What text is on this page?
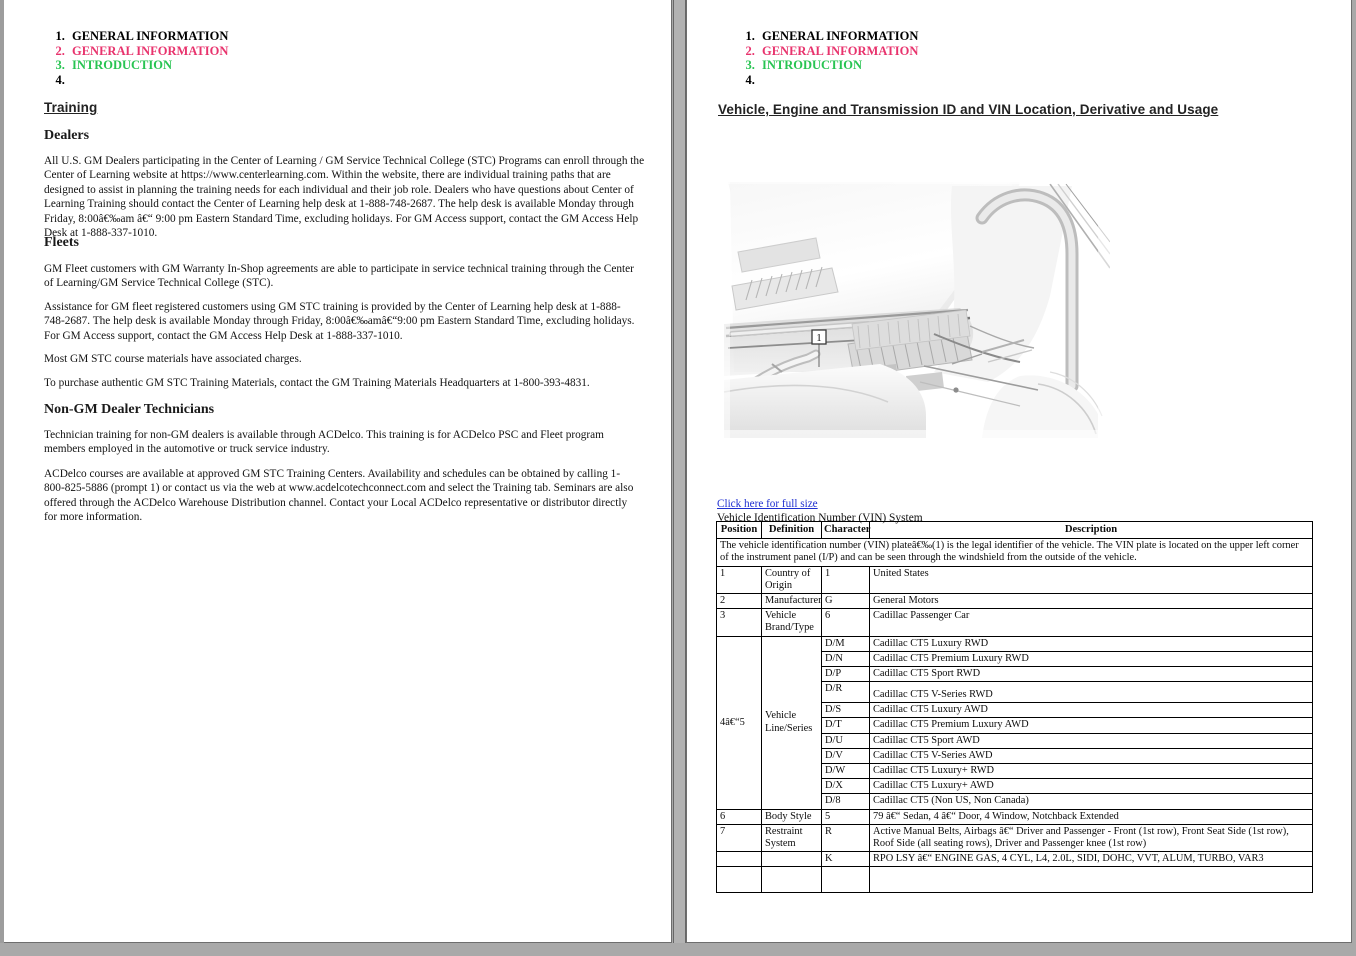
1. GENERAL INFORMATION
2. GENERAL INFORMATION
3. INTRODUCTION
4.
Training
Dealers

All U.S. GM Dealers participating in the Center of Learning / GM Service Technical College (STC) Programs can enroll through the Center of Learning website at https://www.centerlearning.com. Within the website, there are individual training paths that are designed to assist in planning the training needs for each individual and their job role. Dealers who have questions about Center of Learning Training should contact the Center of Learning help desk at 1-888-748-2687. The help desk is available Monday through Friday, 8:00â€‰am â€“ 9:00 pm Eastern Standard Time, excluding holidays. For GM Access support, contact the GM Access Help Desk at 1-888-337-1010.

Fleets

GM Fleet customers with GM Warranty In-Shop agreements are able to participate in service technical training through the Center of Learning/GM Service Technical College (STC).

Assistance for GM fleet registered customers using GM STC training is provided by the Center of Learning help desk at 1-888-748-2687. The help desk is available Monday through Friday, 8:00â€‰amâ€“9:00 pm Eastern Standard Time, excluding holidays. For GM Access support, contact the GM Access Help Desk at 1-888-337-1010.

Most GM STC course materials have associated charges.

To purchase authentic GM STC Training Materials, contact the GM Training Materials Headquarters at 1-800-393-4831.

Non-GM Dealer Technicians

Technician training for non-GM dealers is available through ACDelco. This training is for ACDelco PSC and Fleet program members employed in the automotive or truck service industry.

ACDelco courses are available at approved GM STC Training Centers. Availability and schedules can be obtained by calling 1-800-825-5886 (prompt 1) or contact us via the web at www.acdelcotechconnect.com and select the Training tab. Seminars are also offered through the ACDelco Warehouse Distribution channel. Contact your Local ACDelco representative or distributor directly for more information.

1. GENERAL INFORMATION
2. GENERAL INFORMATION
3. INTRODUCTION
4.
Vehicle, Engine and Transmission ID and VIN Location, Derivative and Usage
1
Click here for full size
Vehicle Identification Number (VIN) System
Position	Definition	Character	Description
The vehicle identification number (VIN) plateâ€‰(1) is the legal identifier of the vehicle. The VIN plate is located on the upper left corner of the instrument panel (I/P) and can be seen through the windshield from the outside of the vehicle.			
1	Country of Origin	1	United States
2	Manufacturer	G	General Motors
3	Vehicle Brand/Type	6	Cadillac Passenger Car
4â€“5	Vehicle Line/Series	D/M	Cadillac CT5 Luxury RWD
		D/N	Cadillac CT5 Premium Luxury RWD
		D/P	Cadillac CT5 Sport RWD
		D/R	Cadillac CT5 V-Series RWD
		D/S	Cadillac CT5 Luxury AWD
		D/T	Cadillac CT5 Premium Luxury AWD
		D/U	Cadillac CT5 Sport AWD
		D/V	Cadillac CT5 V-Series AWD
		D/W	Cadillac CT5 Luxury+ RWD
		D/X	Cadillac CT5 Luxury+ AWD
		D/8	Cadillac CT5 (Non US, Non Canada)
6	Body Style	5	79 â€“ Sedan, 4 â€“ Door, 4 Window, Notchback Extended
7	Restraint System	R	Active Manual Belts, Airbags â€“ Driver and Passenger - Front (1st row), Front Seat Side (1st row), Roof Side (all seating rows), Driver and Passenger knee (1st row)
		K	RPO LSY â€“ ENGINE GAS, 4 CYL, L4, 2.0L, SIDI, DOHC, VVT, ALUM, TURBO, VAR3
